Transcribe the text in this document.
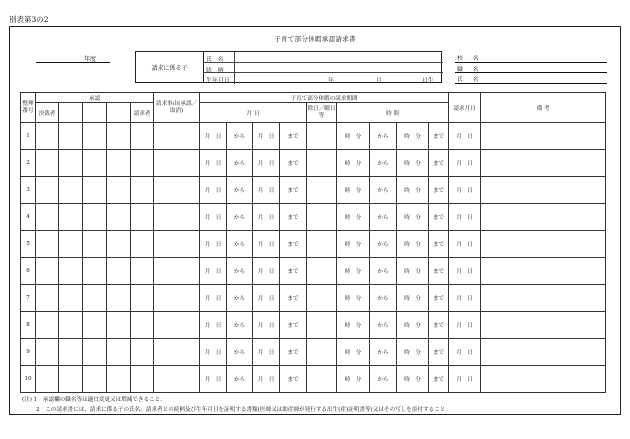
別表第3の2
子育て部分休暇承認請求書
年度
請求に係る子
氏名
続柄
生年月日	年	月	日生
校名
職名
氏名
整理番号	承認					請求事由(承認／取消)	子育て部分休暇の請求期間									請求月日	備 考
	決裁者				請求者		月 日				除日／曜日等	時 間					
1							月 日	から	月 日	まで		時 分	から	時 分	まで	月 日	
2							月 日	から	月 日	まで		時 分	から	時 分	まで	月 日	
3							月 日	から	月 日	まで		時 分	から	時 分	まで	月 日	
4							月 日	から	月 日	まで		時 分	から	時 分	まで	月 日	
5							月 日	から	月 日	まで		時 分	から	時 分	まで	月 日	
6							月 日	から	月 日	まで		時 分	から	時 分	まで	月 日	
7							月 日	から	月 日	まで		時 分	から	時 分	まで	月 日	
8							月 日	から	月 日	まで		時 分	から	時 分	まで	月 日	
9							月 日	から	月 日	まで		時 分	から	時 分	まで	月 日	
10							月 日	から	月 日	まで		時 分	から	時 分	まで	月 日	
(注) 1　承認欄の職名等は適宜変更又は増減できること。
2　この請求書には、請求に係る子の氏名、請求者との続柄及び生年月日を証明する書類(医師又は助産師が発行する出生(産)証明書等)又はその写しを添付すること。
